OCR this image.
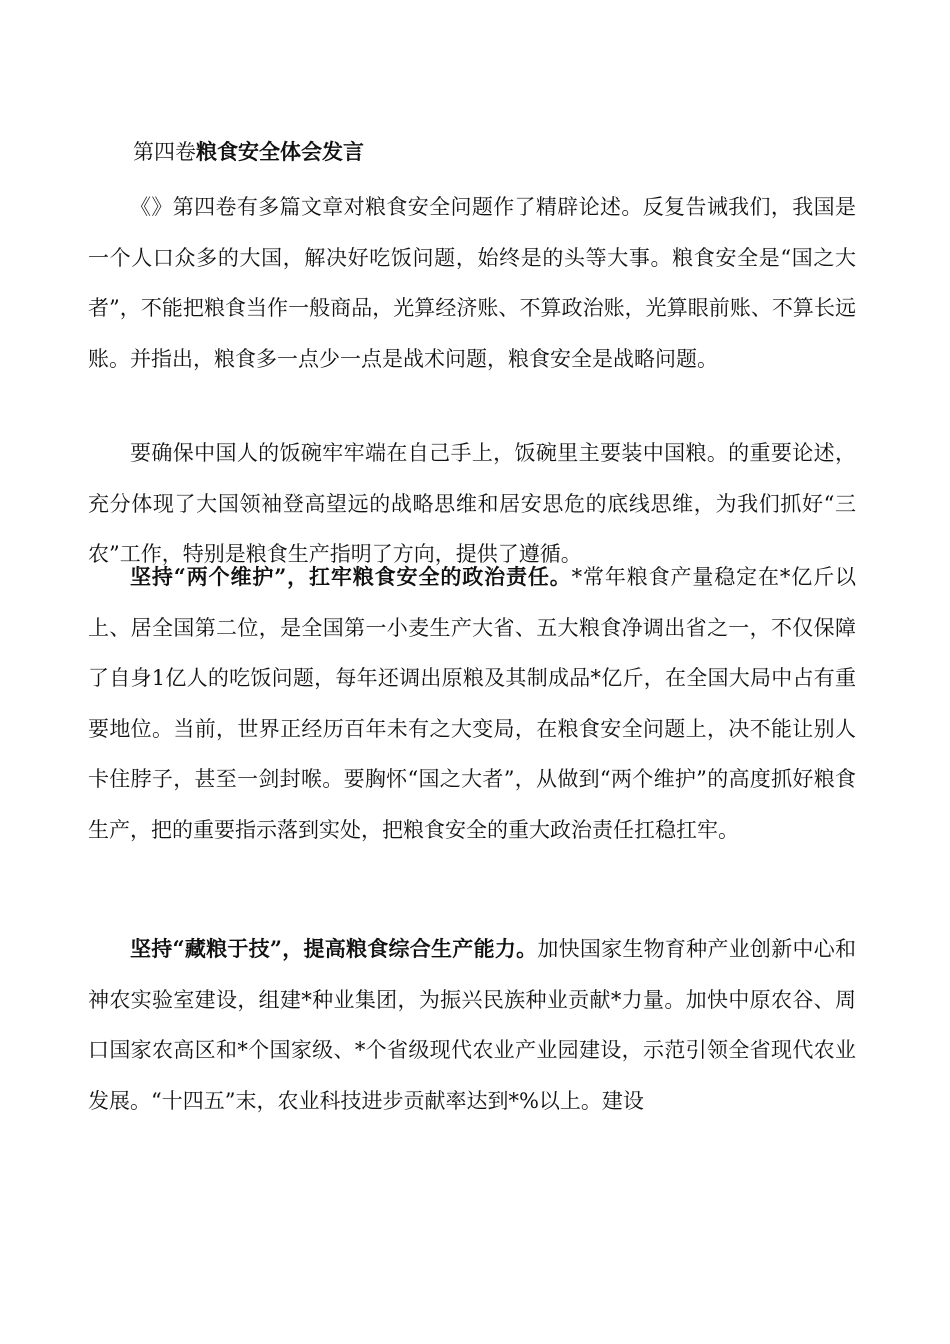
第四卷粮食安全体会发言

《》第四卷有多篇文章对粮食安全问题作了精辟论述。反复告诫我们，我国是一个人口众多的大国，解决好吃饭问题，始终是的头等大事。粮食安全是“国之大者”，不能把粮食当作一般商品，光算经济账、不算政治账，光算眼前账、不算长远账。并指出，粮食多一点少一点是战术问题，粮食安全是战略问题。

要确保中国人的饭碗牢牢端在自己手上，饭碗里主要装中国粮。的重要论述，充分体现了大国领袖登高望远的战略思维和居安思危的底线思维，为我们抓好“三农”工作，特别是粮食生产指明了方向，提供了遵循。

坚持“两个维护”，扛牢粮食安全的政治责任。*常年粮食产量稳定在*亿斤以上、居全国第二位，是全国第一小麦生产大省、五大粮食净调出省之一，不仅保障了自身1亿人的吃饭问题，每年还调出原粮及其制成品*亿斤，在全国大局中占有重要地位。当前，世界正经历百年未有之大变局，在粮食安全问题上，决不能让别人卡住脖子，甚至一剑封喉。要胸怀“国之大者”，从做到“两个维护”的高度抓好粮食生产，把的重要指示落到实处，把粮食安全的重大政治责任扛稳扛牢。

坚持“藏粮于技”，提高粮食综合生产能力。加快国家生物育种产业创新中心和神农实验室建设，组建*种业集团，为振兴民族种业贡献*力量。加快中原农谷、周口国家农高区和*个国家级、*个省级现代农业产业园建设，示范引领全省现代农业发展。“十四五”末，农业科技进步贡献率达到*%以上。建设
